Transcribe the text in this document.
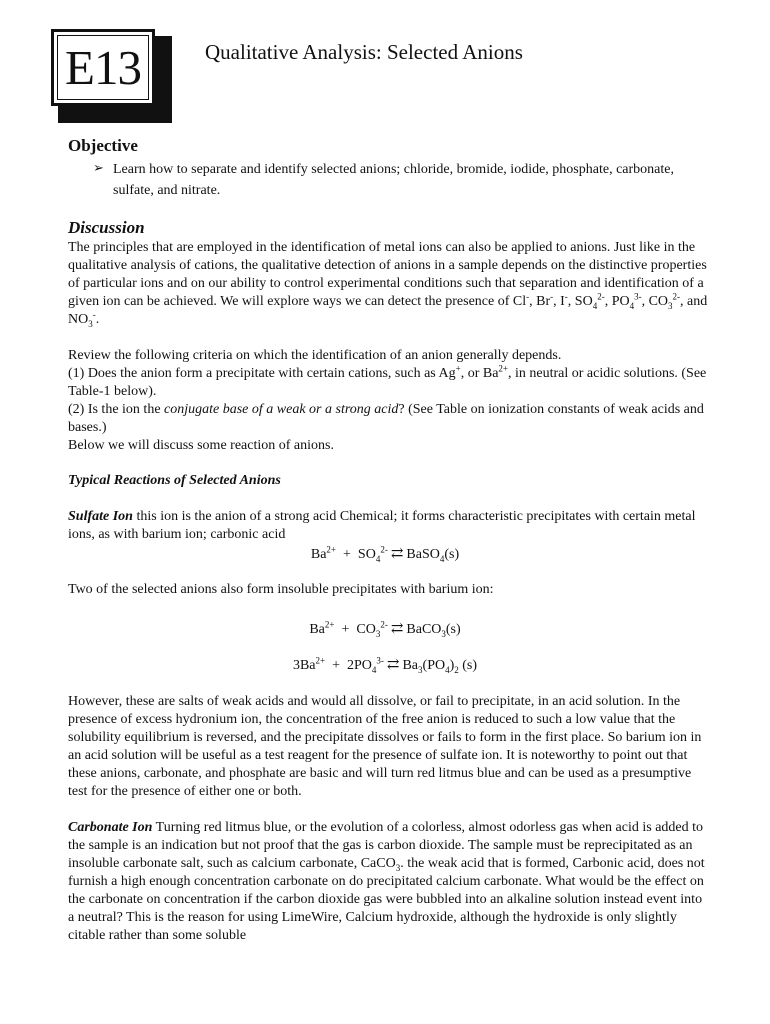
E13	Qualitative Analysis: Selected Anions
Objective
➢ Learn how to separate and identify selected anions; chloride, bromide, iodide, phosphate, carbonate, sulfate, and nitrate.
Discussion

The principles that are employed in the identification of metal ions can also be applied to anions. Just like in the qualitative analysis of cations, the qualitative detection of anions in a sample depends on the distinctive properties of particular ions and on our ability to control experimental conditions such that separation and identification of a given ion can be achieved. We will explore ways we can detect the presence of Cl-, Br-, I-, $SO_4^{2-}$, $PO_4^{3-}$, $CO_3^{2-}$, and $NO_3^-$.

Review the following criteria on which the identification of an anion generally depends.
(1) Does the anion form a precipitate with certain cations, such as Ag+, or $Ba^{2+}$, in neutral or acidic solutions. (See Table-1 below).
(2) Is the ion the conjugate base of a weak or a strong acid? (See Table on ionization constants of weak acids and bases.)
Below we will discuss some reaction of anions.

Typical Reactions of Selected Anions

Sulfate Ion this ion is the anion of a strong acid Chemical; it forms characteristic precipitates with certain metal ions, as with barium ion; carbonic acid

$Ba^{2+} + SO_4^{2-}$ ⇄ BaSO$_4$(s)

Two of the selected anions also form insoluble precipitates with barium ion:

$Ba^{2+} + CO_3^{2-}$ ⇄ BaCO$_3$(s)
$3Ba^{2+} + 2PO_4^{3-}$ ⇄ $Ba_3(PO_4)_2$ (s)

However, these are salts of weak acids and would all dissolve, or fail to precipitate, in an acid solution. In the presence of excess hydronium ion, the concentration of the free anion is reduced to such a low value that the solubility equilibrium is reversed, and the precipitate dissolves or fails to form in the first place. So barium ion in an acid solution will be useful as a test reagent for the presence of sulfate ion. It is noteworthy to point out that these anions, carbonate, and phosphate are basic and will turn red litmus blue and can be used as a presumptive test for the presence of either one or both.

Carbonate Ion Turning red litmus blue, or the evolution of a colorless, almost odorless gas when acid is added to the sample is an indication but not proof that the gas is carbon dioxide. The sample must be reprecipitated as an insoluble carbonate salt, such as calcium carbonate, CaCO$_3$. the weak acid that is formed, Carbonic acid, does not furnish a high enough concentration carbonate on do precipitated calcium carbonate. What would be the effect on the carbonate on concentration if the carbon dioxide gas were bubbled into an alkaline solution instead event into a neutral? This is the reason for using LimeWire, Calcium hydroxide, although the hydroxide is only slightly citable rather than some soluble
